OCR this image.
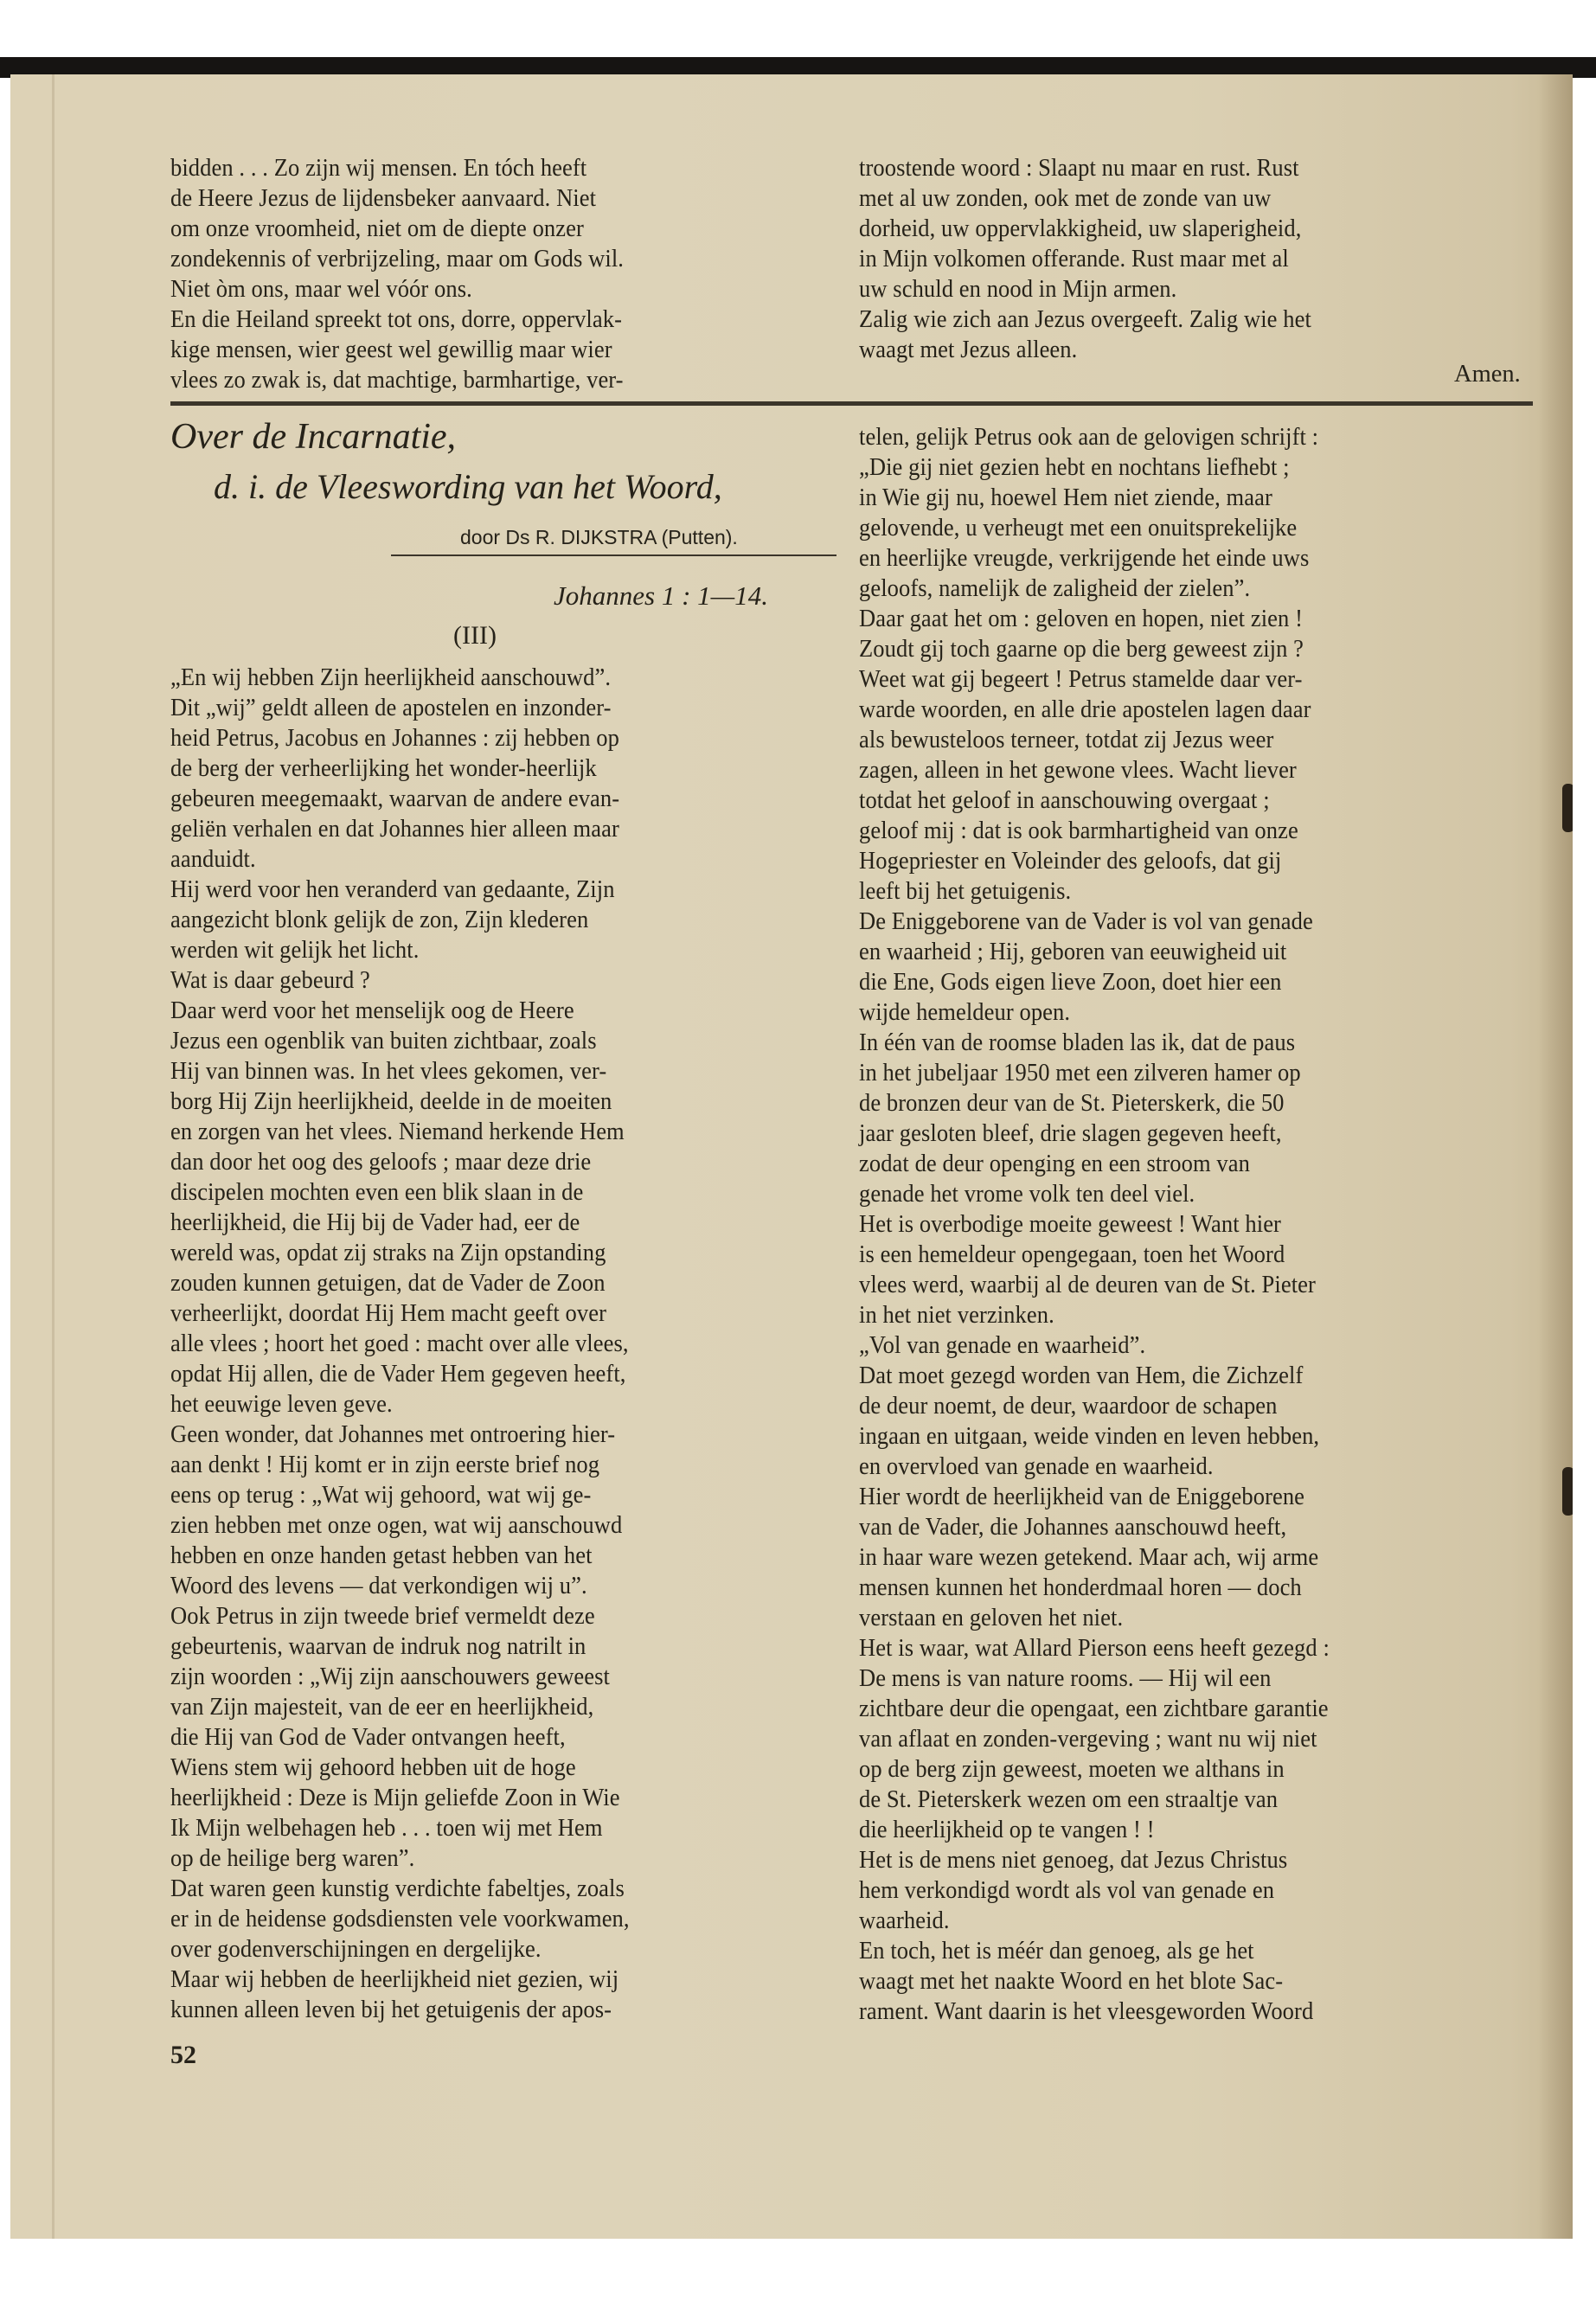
bidden . . . Zo zijn wij mensen. En tóch heeft
de Heere Jezus de lijdensbeker aanvaard. Niet
om onze vroomheid, niet om de diepte onzer
zondekennis of verbrijzeling, maar om Gods wil.
Niet òm ons, maar wel vóór ons.
En die Heiland spreekt tot ons, dorre, oppervlak-
kige mensen, wier geest wel gewillig maar wier
vlees zo zwak is, dat machtige, barmhartige, ver-
troostende woord : Slaapt nu maar en rust. Rust
met al uw zonden, ook met de zonde van uw
dorheid, uw oppervlakkigheid, uw slaperigheid,
in Mijn volkomen offerande. Rust maar met al
uw schuld en nood in Mijn armen.
Zalig wie zich aan Jezus overgeeft. Zalig wie het
waagt met Jezus alleen.
Amen.
Over de Incarnatie,
d. i. de Vleeswording van het Woord,
door Ds R. DIJKSTRA (Putten).
Johannes 1 : 1—14.
(III)
„En wij hebben Zijn heerlijkheid aanschouwd”.
Dit „wij” geldt alleen de apostelen en inzonder-
heid Petrus, Jacobus en Johannes : zij hebben op
de berg der verheerlijking het wonder-heerlijk
gebeuren meegemaakt, waarvan de andere evan-
geliën verhalen en dat Johannes hier alleen maar
aanduidt.
Hij werd voor hen veranderd van gedaante, Zijn
aangezicht blonk gelijk de zon, Zijn klederen
werden wit gelijk het licht.
Wat is daar gebeurd ?
Daar werd voor het menselijk oog de Heere
Jezus een ogenblik van buiten zichtbaar, zoals
Hij van binnen was. In het vlees gekomen, ver-
borg Hij Zijn heerlijkheid, deelde in de moeiten
en zorgen van het vlees. Niemand herkende Hem
dan door het oog des geloofs ; maar deze drie
discipelen mochten even een blik slaan in de
heerlijkheid, die Hij bij de Vader had, eer de
wereld was, opdat zij straks na Zijn opstanding
zouden kunnen getuigen, dat de Vader de Zoon
verheerlijkt, doordat Hij Hem macht geeft over
alle vlees ; hoort het goed : macht over alle vlees,
opdat Hij allen, die de Vader Hem gegeven heeft,
het eeuwige leven geve.
Geen wonder, dat Johannes met ontroering hier-
aan denkt ! Hij komt er in zijn eerste brief nog
eens op terug : „Wat wij gehoord, wat wij ge-
zien hebben met onze ogen, wat wij aanschouwd
hebben en onze handen getast hebben van het
Woord des levens — dat verkondigen wij u”.
Ook Petrus in zijn tweede brief vermeldt deze
gebeurtenis, waarvan de indruk nog natrilt in
zijn woorden : „Wij zijn aanschouwers geweest
van Zijn majesteit, van de eer en heerlijkheid,
die Hij van God de Vader ontvangen heeft,
Wiens stem wij gehoord hebben uit de hoge
heerlijkheid : Deze is Mijn geliefde Zoon in Wie
Ik Mijn welbehagen heb . . . toen wij met Hem
op de heilige berg waren”.
Dat waren geen kunstig verdichte fabeltjes, zoals
er in de heidense godsdiensten vele voorkwamen,
over godenverschijningen en dergelijke.
Maar wij hebben de heerlijkheid niet gezien, wij
kunnen alleen leven bij het getuigenis der apos-
telen, gelijk Petrus ook aan de gelovigen schrijft :
„Die gij niet gezien hebt en nochtans liefhebt ;
in Wie gij nu, hoewel Hem niet ziende, maar
gelovende, u verheugt met een onuitsprekelijke
en heerlijke vreugde, verkrijgende het einde uws
geloofs, namelijk de zaligheid der zielen”.
Daar gaat het om : geloven en hopen, niet zien !
Zoudt gij toch gaarne op die berg geweest zijn ?
Weet wat gij begeert ! Petrus stamelde daar ver-
warde woorden, en alle drie apostelen lagen daar
als bewusteloos terneer, totdat zij Jezus weer
zagen, alleen in het gewone vlees. Wacht liever
totdat het geloof in aanschouwing overgaat ;
geloof mij : dat is ook barmhartigheid van onze
Hogepriester en Voleinder des geloofs, dat gij
leeft bij het getuigenis.
De Eniggeborene van de Vader is vol van genade
en waarheid ; Hij, geboren van eeuwigheid uit
die Ene, Gods eigen lieve Zoon, doet hier een
wijde hemeldeur open.
In één van de roomse bladen las ik, dat de paus
in het jubeljaar 1950 met een zilveren hamer op
de bronzen deur van de St. Pieterskerk, die 50
jaar gesloten bleef, drie slagen gegeven heeft,
zodat de deur openging en een stroom van
genade het vrome volk ten deel viel.
Het is overbodige moeite geweest ! Want hier
is een hemeldeur opengegaan, toen het Woord
vlees werd, waarbij al de deuren van de St. Pieter
in het niet verzinken.
„Vol van genade en waarheid”.
Dat moet gezegd worden van Hem, die Zichzelf
de deur noemt, de deur, waardoor de schapen
ingaan en uitgaan, weide vinden en leven hebben,
en overvloed van genade en waarheid.
Hier wordt de heerlijkheid van de Eniggeborene
van de Vader, die Johannes aanschouwd heeft,
in haar ware wezen getekend. Maar ach, wij arme
mensen kunnen het honderdmaal horen — doch
verstaan en geloven het niet.
Het is waar, wat Allard Pierson eens heeft gezegd :
De mens is van nature rooms. — Hij wil een
zichtbare deur die opengaat, een zichtbare garantie
van aflaat en zonden-vergeving ; want nu wij niet
op de berg zijn geweest, moeten we althans in
de St. Pieterskerk wezen om een straaltje van
die heerlijkheid op te vangen ! !
Het is de mens niet genoeg, dat Jezus Christus
hem verkondigd wordt als vol van genade en
waarheid.
En toch, het is méér dan genoeg, als ge het
waagt met het naakte Woord en het blote Sac-
rament. Want daarin is het vleesgeworden Woord
52
